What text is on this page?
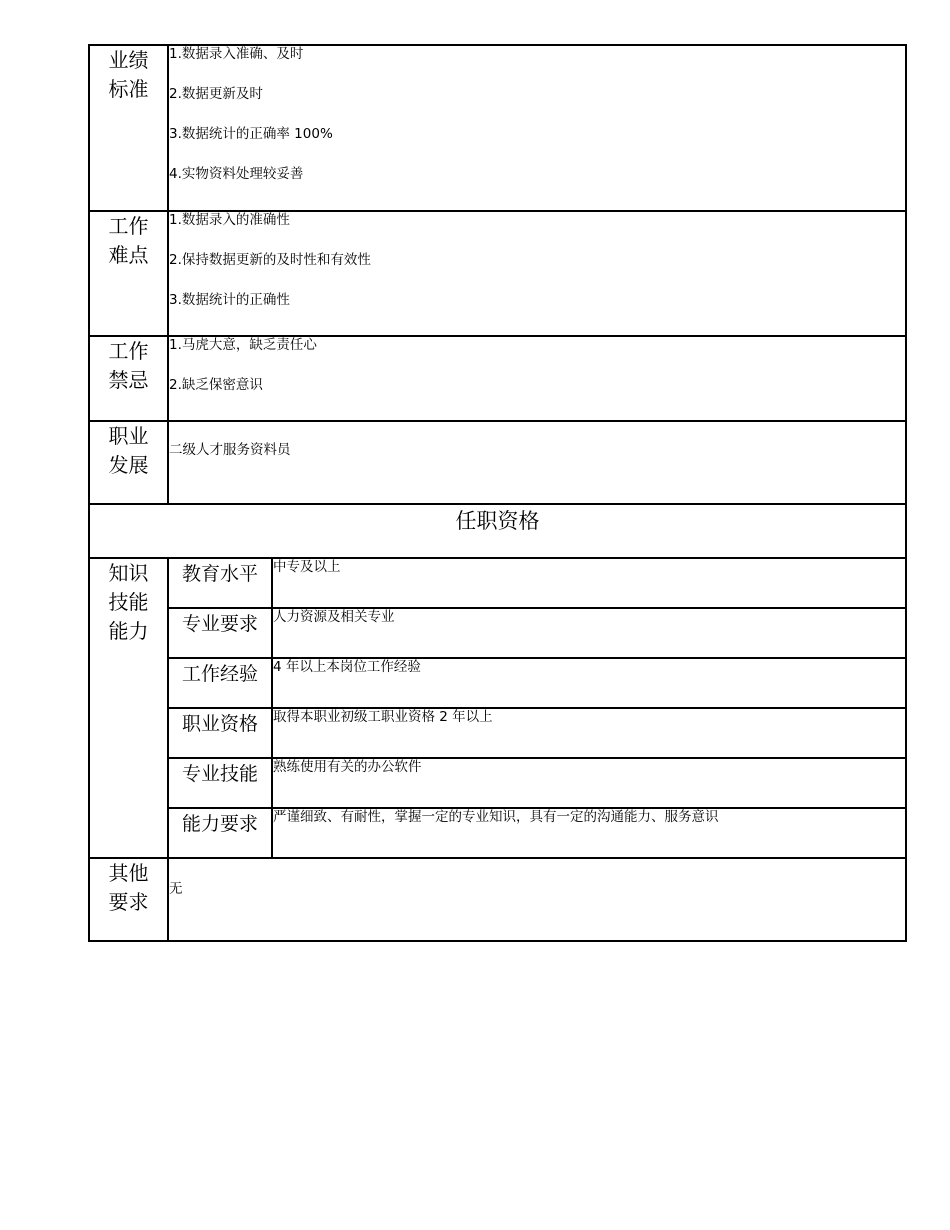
业绩标准	1.数据录入准确、及时
2.数据更新及时
3.数据统计的正确率 100%
4.实物资料处理较妥善	

工作难点	1.数据录入的准确性
2.保持数据更新的及时性和有效性
3.数据统计的正确性	

工作禁忌	1.马虎大意，缺乏责任心
2.缺乏保密意识	

职业发展	二级人才服务资料员	

任职资格		
知识技能能力	教育水平	中专及以上
	专业要求	人力资源及相关专业
	工作经验	4 年以上本岗位工作经验
	职业资格	取得本职业初级工职业资格 2 年以上
	专业技能	熟练使用有关的办公软件
	能力要求	严谨细致、有耐性，掌握一定的专业知识，具有一定的沟通能力、服务意识
其他要求	无	
